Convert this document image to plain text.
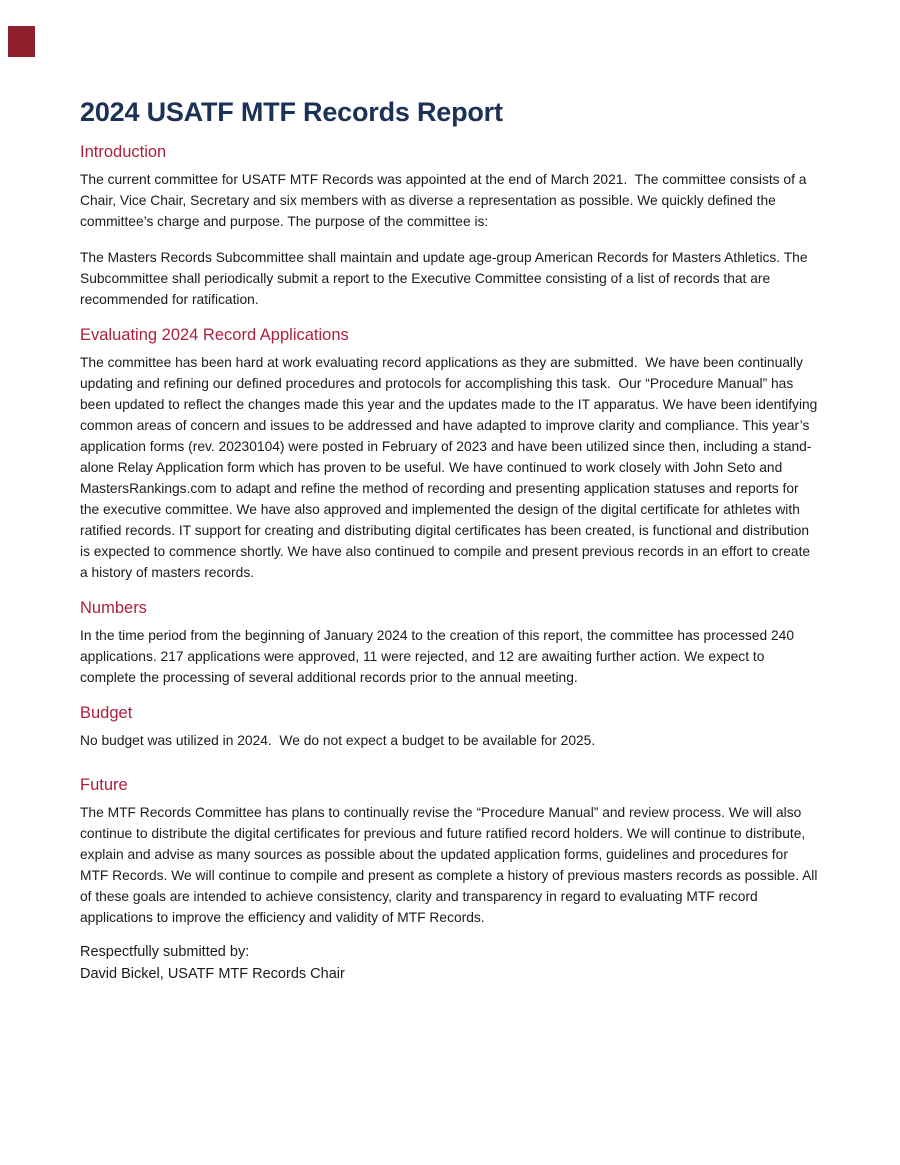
2024 USATF MTF Records Report
Introduction

The current committee for USATF MTF Records was appointed at the end of March 2021.  The committee consists of a Chair, Vice Chair, Secretary and six members with as diverse a representation as possible. We quickly defined the committee’s charge and purpose. The purpose of the committee is:

The Masters Records Subcommittee shall maintain and update age-group American Records for Masters Athletics. The Subcommittee shall periodically submit a report to the Executive Committee consisting of a list of records that are recommended for ratification.

Evaluating 2024 Record Applications

The committee has been hard at work evaluating record applications as they are submitted.  We have been continually updating and refining our defined procedures and protocols for accomplishing this task.  Our “Procedure Manual” has been updated to reflect the changes made this year and the updates made to the IT apparatus. We have been identifying common areas of concern and issues to be addressed and have adapted to improve clarity and compliance. This year’s application forms (rev. 20230104) were posted in February of 2023 and have been utilized since then, including a stand-alone Relay Application form which has proven to be useful. We have continued to work closely with John Seto and MastersRankings.com to adapt and refine the method of recording and presenting application statuses and reports for the executive committee. We have also approved and implemented the design of the digital certificate for athletes with ratified records. IT support for creating and distributing digital certificates has been created, is functional and distribution is expected to commence shortly. We have also continued to compile and present previous records in an effort to create a history of masters records.

Numbers

In the time period from the beginning of January 2024 to the creation of this report, the committee has processed 240 applications. 217 applications were approved, 11 were rejected, and 12 are awaiting further action. We expect to complete the processing of several additional records prior to the annual meeting.

Budget

No budget was utilized in 2024.  We do not expect a budget to be available for 2025.

Future

The MTF Records Committee has plans to continually revise the “Procedure Manual” and review process. We will also continue to distribute the digital certificates for previous and future ratified record holders. We will continue to distribute, explain and advise as many sources as possible about the updated application forms, guidelines and procedures for MTF Records. We will continue to compile and present as complete a history of previous masters records as possible. All of these goals are intended to achieve consistency, clarity and transparency in regard to evaluating MTF record applications to improve the efficiency and validity of MTF Records.

Respectfully submitted by:

David Bickel, USATF MTF Records Chair
